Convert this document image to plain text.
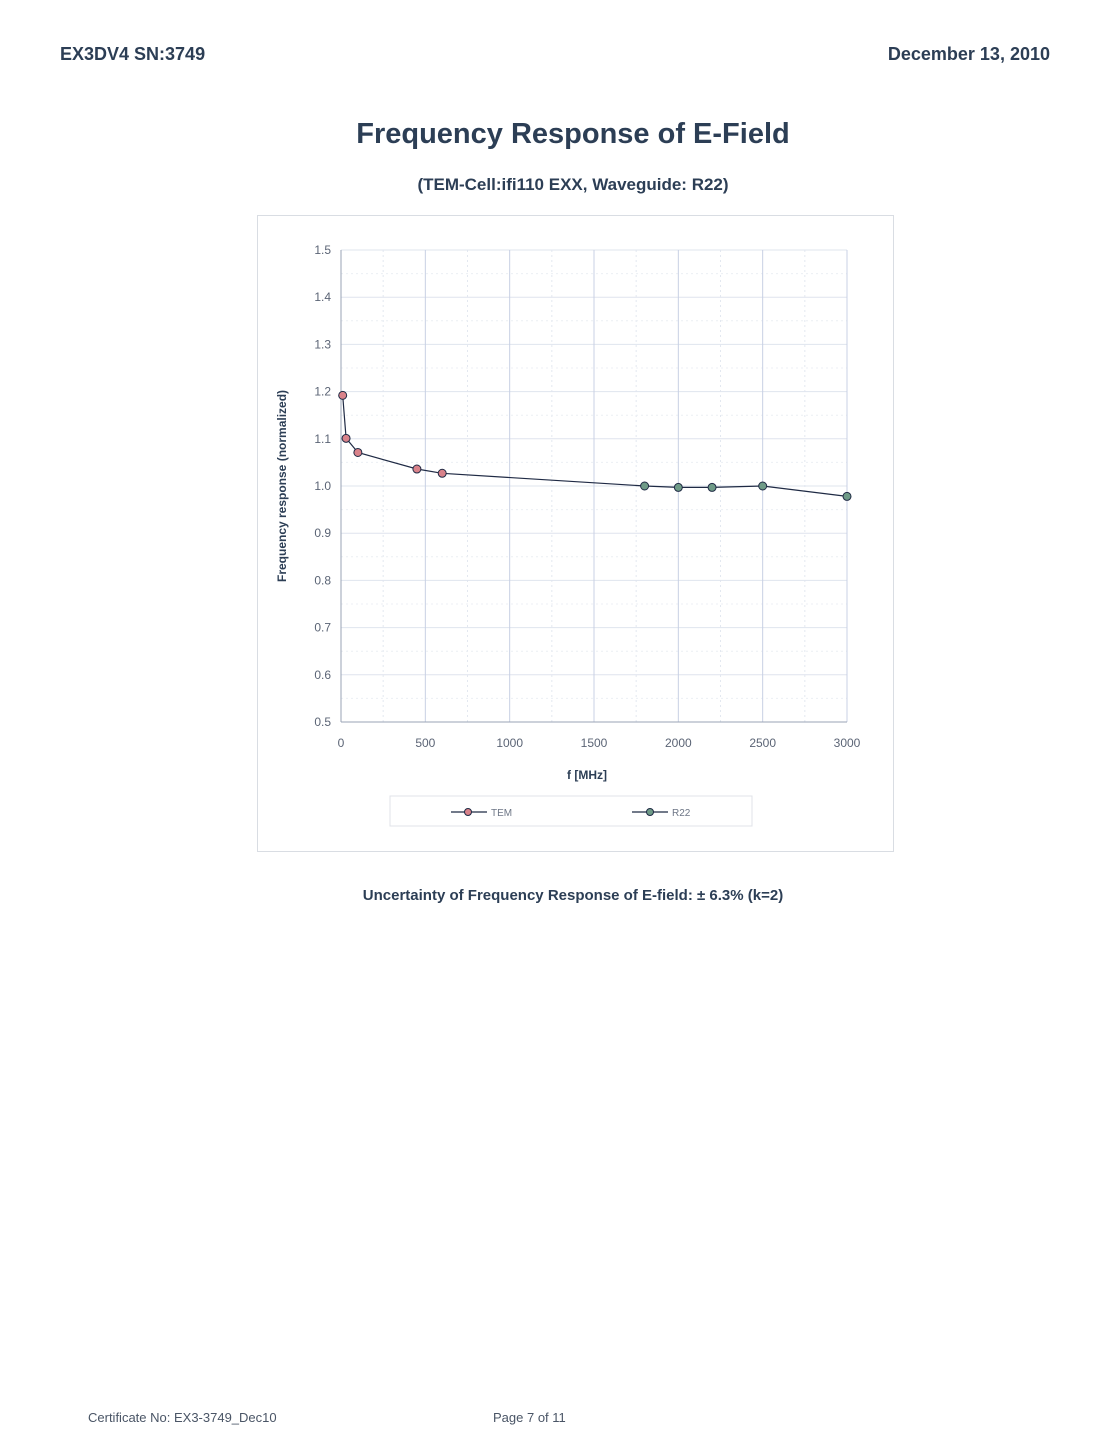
EX3DV4 SN:3749	December 13, 2010
Frequency Response of E-Field
(TEM-Cell:ifi110 EXX, Waveguide: R22)
0.5
0.6
0.7
0.8
0.9
1.0
1.1
1.2
1.3
1.4
1.5
0	500	1000	1500	2000	2500	3000
Frequency response (normalized)
f [MHz]
TEM	R22
Uncertainty of Frequency Response of E-field: ± 6.3% (k=2)
Certificate No: EX3-3749_Dec10	Page 7 of 11
